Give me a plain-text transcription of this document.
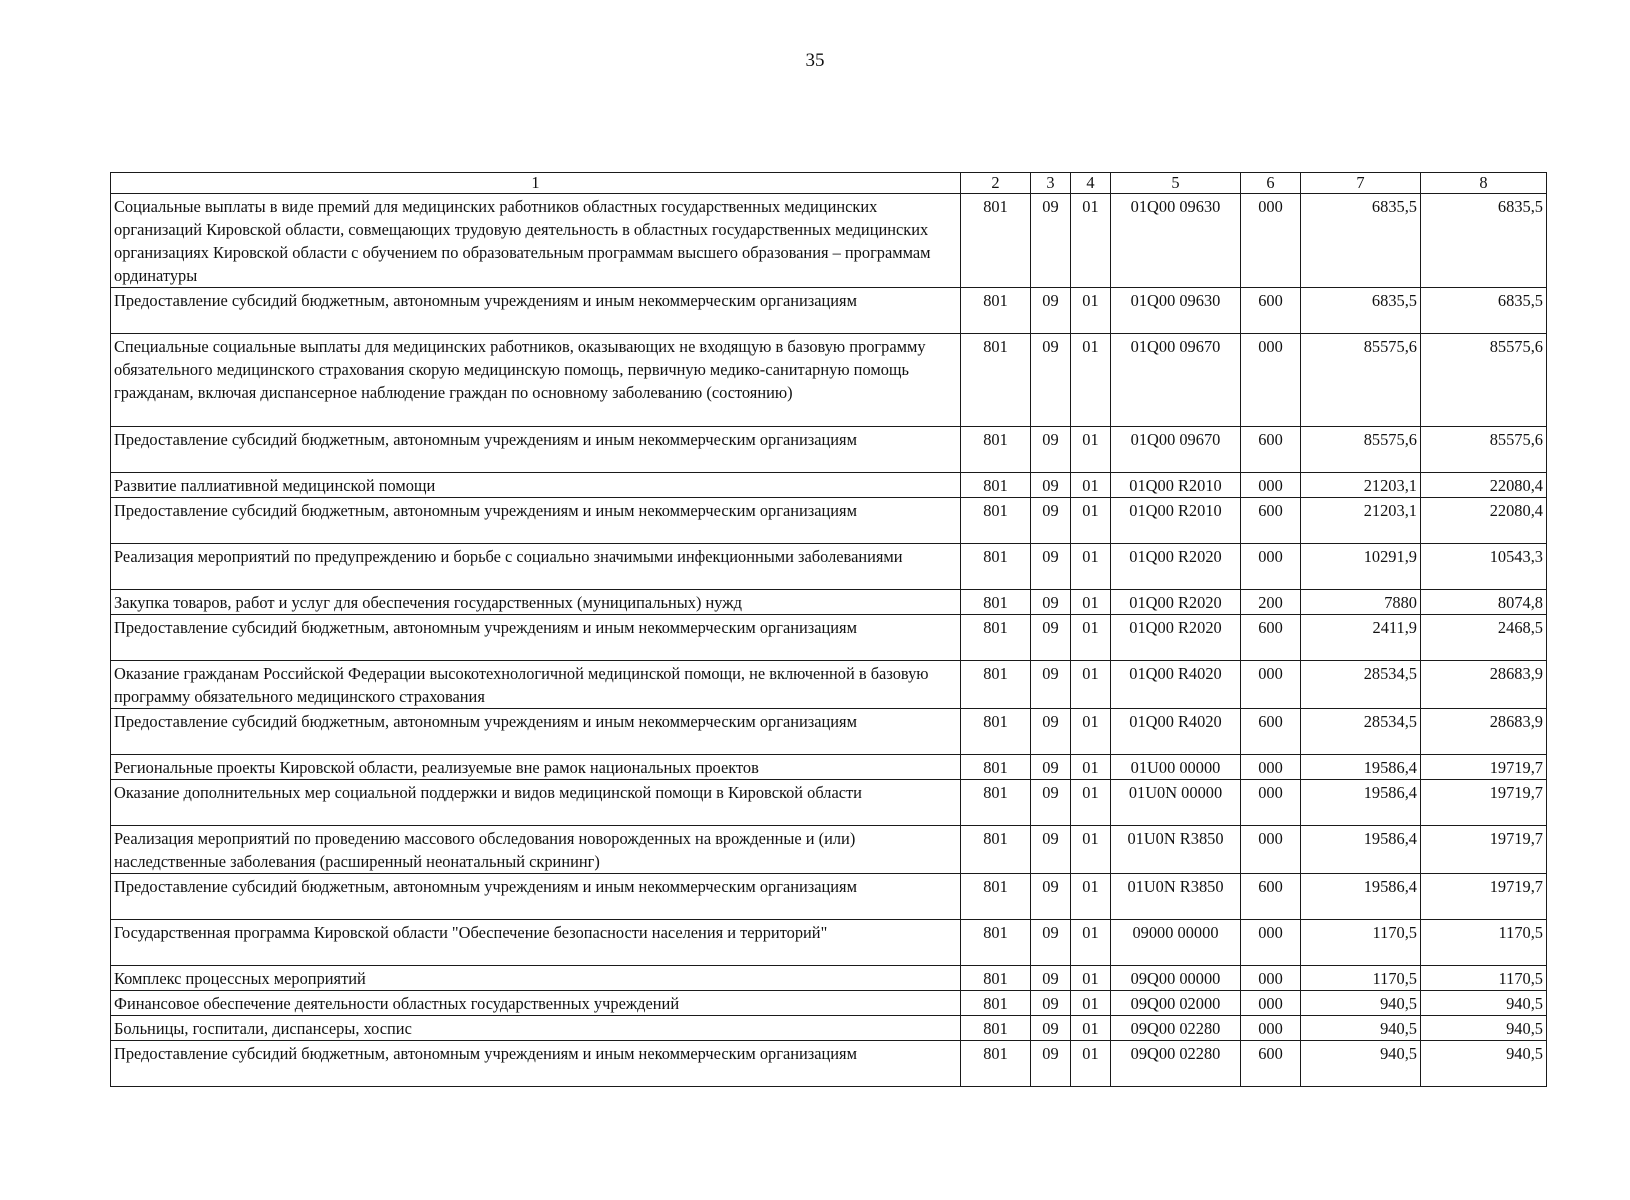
35
1	2	3	4	5	6	7	8
Социальные выплаты в виде премий для медицинских работников областных государственных медицинских организаций Кировской области, совмещающих трудовую деятельность в областных государственных медицинских организациях Кировской области с обучением по образовательным программам высшего образования – программам ординатуры	801	09	01	01Q00 09630	000	6835,5	6835,5
Предоставление субсидий бюджетным, автономным учреждениям и иным некоммерческим организациям	801	09	01	01Q00 09630	600	6835,5	6835,5
Специальные социальные выплаты для медицинских работников, оказывающих не входящую в базовую программу обязательного медицинского страхования скорую медицинскую помощь, первичную медико-санитарную помощь гражданам, включая диспансерное наблюдение граждан по основному заболеванию (состоянию)	801	09	01	01Q00 09670	000	85575,6	85575,6
Предоставление субсидий бюджетным, автономным учреждениям и иным некоммерческим организациям	801	09	01	01Q00 09670	600	85575,6	85575,6
Развитие паллиативной медицинской помощи	801	09	01	01Q00 R2010	000	21203,1	22080,4
Предоставление субсидий бюджетным, автономным учреждениям и иным некоммерческим организациям	801	09	01	01Q00 R2010	600	21203,1	22080,4
Реализация мероприятий по предупреждению и борьбе с социально значимыми инфекционными заболеваниями	801	09	01	01Q00 R2020	000	10291,9	10543,3
Закупка товаров, работ и услуг для обеспечения государственных (муниципальных) нужд	801	09	01	01Q00 R2020	200	7880	8074,8
Предоставление субсидий бюджетным, автономным учреждениям и иным некоммерческим организациям	801	09	01	01Q00 R2020	600	2411,9	2468,5
Оказание гражданам Российской Федерации высокотехнологичной медицинской помощи, не включенной в базовую программу обязательного медицинского страхования	801	09	01	01Q00 R4020	000	28534,5	28683,9
Предоставление субсидий бюджетным, автономным учреждениям и иным некоммерческим организациям	801	09	01	01Q00 R4020	600	28534,5	28683,9
Региональные проекты Кировской области, реализуемые вне рамок национальных проектов	801	09	01	01U00 00000	000	19586,4	19719,7
Оказание дополнительных мер социальной поддержки и видов медицинской помощи в Кировской области	801	09	01	01U0N 00000	000	19586,4	19719,7
Реализация мероприятий по проведению массового обследования новорожденных на врожденные и (или) наследственные заболевания (расширенный неонатальный скрининг)	801	09	01	01U0N R3850	000	19586,4	19719,7
Предоставление субсидий бюджетным, автономным учреждениям и иным некоммерческим организациям	801	09	01	01U0N R3850	600	19586,4	19719,7
Государственная программа Кировской области "Обеспечение безопасности населения и территорий"	801	09	01	09000 00000	000	1170,5	1170,5
Комплекс процессных мероприятий	801	09	01	09Q00 00000	000	1170,5	1170,5
Финансовое обеспечение деятельности областных государственных учреждений	801	09	01	09Q00 02000	000	940,5	940,5
Больницы, госпитали, диспансеры, хоспис	801	09	01	09Q00 02280	000	940,5	940,5
Предоставление субсидий бюджетным, автономным учреждениям и иным некоммерческим организациям	801	09	01	09Q00 02280	600	940,5	940,5
